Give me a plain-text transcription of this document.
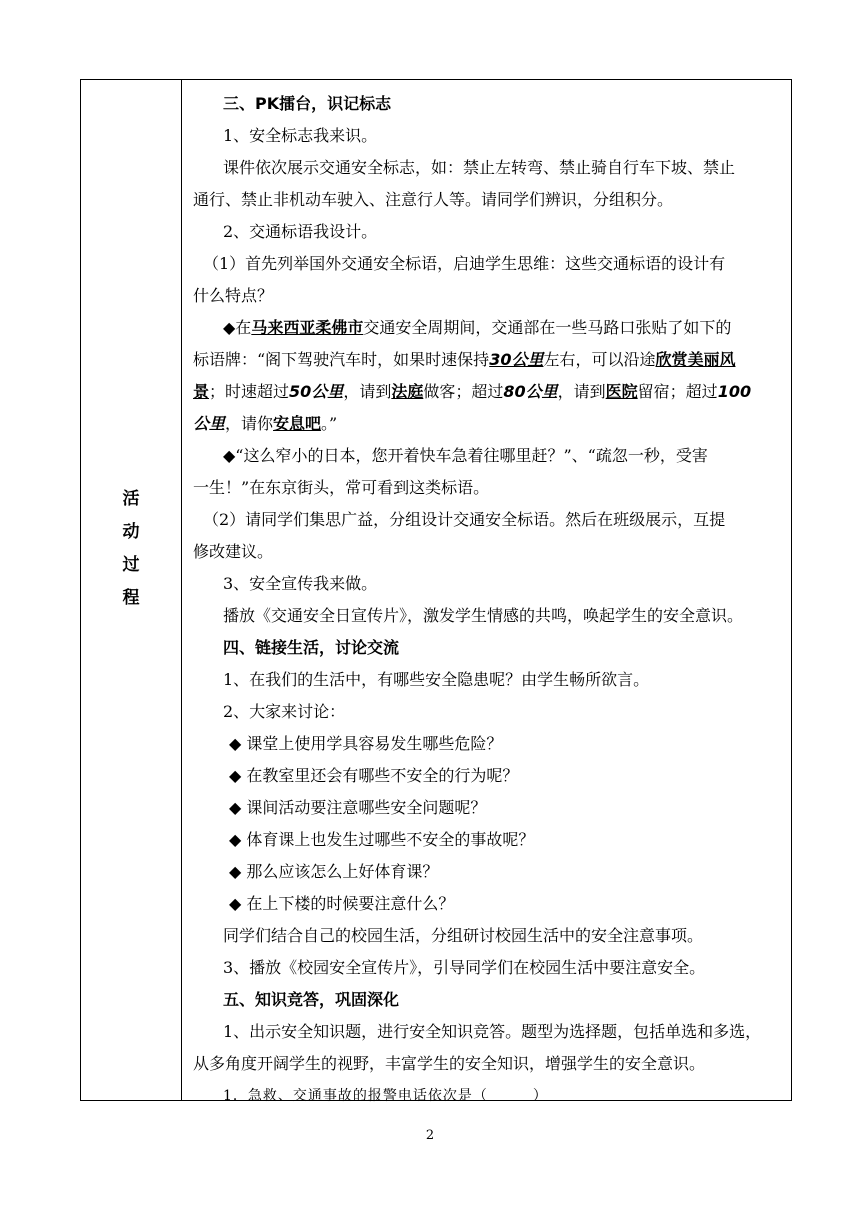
活
动
过
程
三、PK擂台，识记标志
1、安全标志我来识。
课件依次展示交通安全标志，如：禁止左转弯、禁止骑自行车下坡、禁止
通行、禁止非机动车驶入、注意行人等。请同学们辨识，分组积分。
2、交通标语我设计。
（1）首先列举国外交通安全标语，启迪学生思维：这些交通标语的设计有
什么特点？
◆在马来西亚柔佛市交通安全周期间，交通部在一些马路口张贴了如下的
标语牌：“阁下驾驶汽车时，如果时速保持30公里左右，可以沿途欣赏美丽风
景；时速超过50公里，请到法庭做客；超过80公里，请到医院留宿；超过100
公里，请你安息吧。”
◆“这么窄小的日本，您开着快车急着往哪里赶？”、“疏忽一秒，受害
一生！”在东京街头，常可看到这类标语。
（2）请同学们集思广益，分组设计交通安全标语。然后在班级展示，互提
修改建议。
3、安全宣传我来做。
播放《交通安全日宣传片》，激发学生情感的共鸣，唤起学生的安全意识。
四、链接生活，讨论交流
1、在我们的生活中，有哪些安全隐患呢？由学生畅所欲言。
2、大家来讨论：
◆ 课堂上使用学具容易发生哪些危险？
◆ 在教室里还会有哪些不安全的行为呢？
◆ 课间活动要注意哪些安全问题呢？
◆ 体育课上也发生过哪些不安全的事故呢？
◆ 那么应该怎么上好体育课？
◆ 在上下楼的时候要注意什么？
同学们结合自己的校园生活，分组研讨校园生活中的安全注意事项。
3、播放《校园安全宣传片》，引导同学们在校园生活中要注意安全。
五、知识竞答，巩固深化
1、出示安全知识题，进行安全知识竞答。题型为选择题，包括单选和多选，
从多角度开阔学生的视野，丰富学生的安全知识，增强学生的安全意识。
1．急救、交通事故的报警电话依次是（　　　）
2
